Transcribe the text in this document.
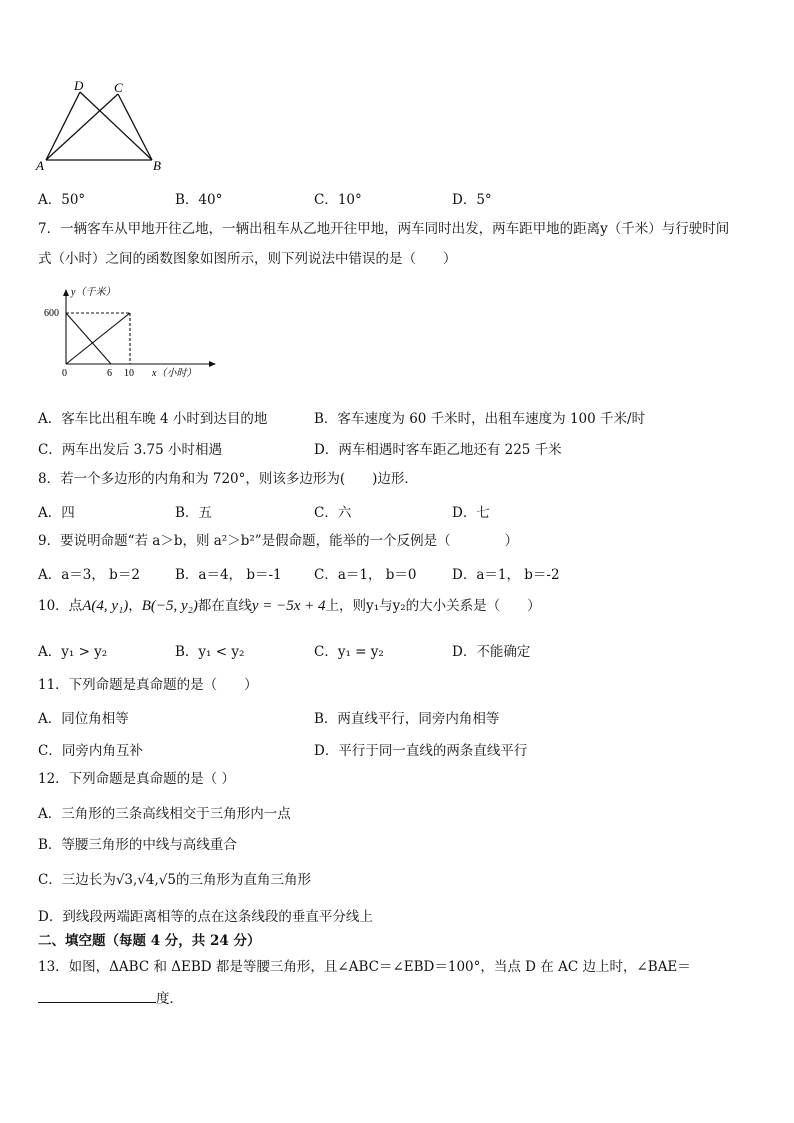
A	B
D C
A．50°	B．40°	C．10°	D．5°
7．一辆客车从甲地开往乙地，一辆出租车从乙地开往甲地，两车同时出发，两车距甲地的距离y（千米）与行驶时间
式（小时）之间的函数图象如图所示，则下列说法中错误的是（　　）
y（千米）
600
0	6 10 x（小时）
A．客车比出租车晚 4 小时到达目的地	B．客车速度为 60 千米时，出租车速度为 100 千米/时
C．两车出发后 3.75 小时相遇	D．两车相遇时客车距乙地还有 225 千米
8．若一个多边形的内角和为 720°，则该多边形为(　　)边形．
A．四	B．五	C．六	D．七
9．要说明命题“若 a＞b，则 a²＞b²”是假命题，能举的一个反例是（　　　　）
A．a＝3， b＝2	B．a＝4， b＝-1 C．a＝1， b＝0	D．a＝1， b＝-2
10．点A(4, y₁)，B(−5, y₂)都在直线y = −5x + 4上，则y₁与y₂的大小关系是（　　）
A．y₁ > y₂	B．y₁ < y₂	C．y₁ = y₂	D．不能确定
11．下列命题是真命题的是（　　）
A．同位角相等	B．两直线平行，同旁内角相等
C．同旁内角互补	D．平行于同一直线的两条直线平行
12．下列命题是真命题的是（ ）
A．三角形的三条高线相交于三角形内一点
B．等腰三角形的中线与高线重合
C．三边长为√3,√4,√5的三角形为直角三角形
D．到线段两端距离相等的点在这条线段的垂直平分线上
二、填空题（每题 4 分，共 24 分）
13．如图，ΔABC 和 ΔEBD 都是等腰三角形，且∠ABC＝∠EBD＝100°，当点 D 在 AC 边上时，∠BAE＝
度．
